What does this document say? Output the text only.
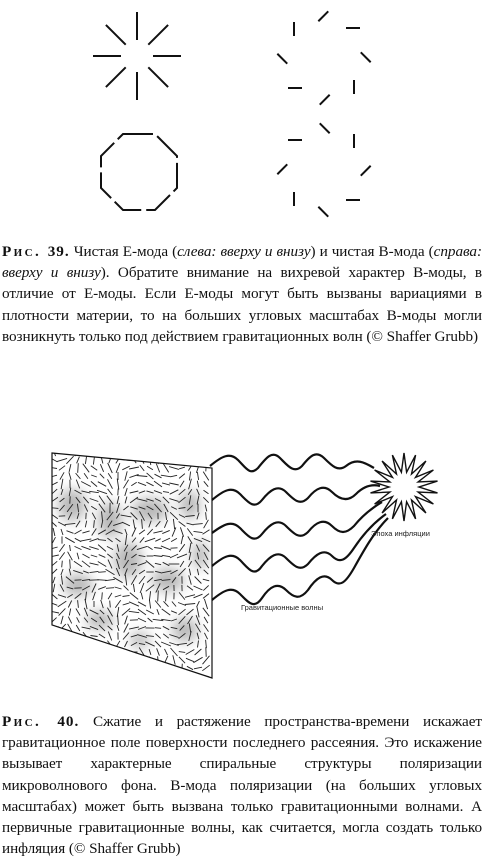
Рис. 39. Чистая Е-мода (слева: вверху и внизу) и чистая В-мода (справа: вверху и внизу). Обратите внимание на вихревой характер В-моды, в отличие от Е-моды. Если Е-моды могут быть вызваны вариациями в плотности материи, то на больших угловых масштабах В-моды могли возникнуть только под действием гравитационных волн (© Shaffer Grubb)
Эпоха инфляции
Гравитационные волны
Рис. 40. Сжатие и растяжение пространства-времени искажает гравитационное поле поверхности последнего рассеяния. Это искажение вызывает характерные спиральные структуры поляризации микроволнового фона. В-мода поляризации (на больших угловых масштабах) может быть вызвана только гравитационными волнами. А первичные гравитационные волны, как считается, могла создать только инфляция (© Shaffer Grubb)
